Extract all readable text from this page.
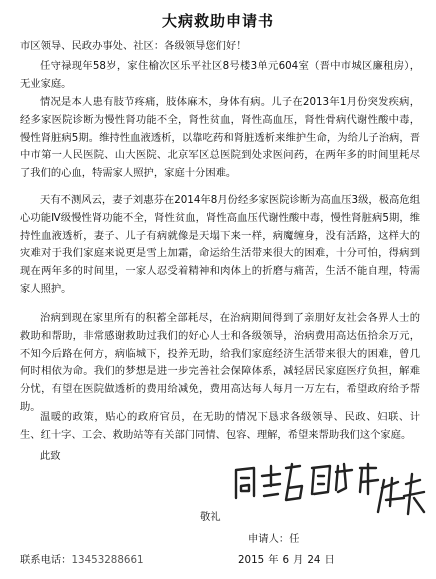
大病救助申请书
市区领导、民政办事处、社区：各级领导您们好！
任守禄现年58岁，家住榆次区乐平社区8号楼3单元604室（晋中市城区廉租房），无业家庭。
情况是本人患有肢节疼痛，肢体麻木，身体有病。儿子在2013年1月份突发疾病，经多家医院诊断为慢性肾功能不全，肾性贫血，肾性高血压，肾性骨病代谢性酸中毒，慢性肾脏病5期。维持性血液透析，以靠吃药和肾脏透析来维护生命，为给儿子治病，晋中市第一人民医院、山大医院、北京军区总医院到处求医问药，在两年多的时间里耗尽了我们的心血，特需家人照护，家庭十分困难。
天有不测风云，妻子刘惠芬在2014年8月份经多家医院诊断为高血压3级，极高危组心功能Ⅳ级慢性肾功能不全，肾性贫血，肾性高血压代谢性酸中毒，慢性肾脏病5期，维持性血液透析，妻子、儿子有病就像是天塌下来一样，病魔缠身，没有活路，这样大的灾难对于我们家庭来说更是雪上加霜，命运给生活带来很大的困难，十分可怕，得病到现在两年多的时间里，一家人忍受着精神和肉体上的折磨与痛苦，生活不能自理，特需家人照护。
治病到现在家里所有的积蓄全部耗尽，在治病期间得到了亲朋好友社会各界人士的救助和帮助，非常感谢救助过我们的好心人士和各级领导，治病费用高达伍拾余万元，不知今后路在何方，病临城下，投养无助，给我们家庭经济生活带来很大的困难，曾几何时相依为命。我们的梦想是进一步完善社会保障体系，减轻居民家庭医疗负担，解难分忧，有望在医院做透析的费用给减免，费用高达每人每月一万左右，希望政府给予帮助。
温暖的政策，贴心的政府官员，在无助的情况下恳求各级领导、民政、妇联、计生、红十字、工会、救助站等有关部门同情、包容、理解，希望来帮助我们这个家庭。
此致
敬礼
申请人：任
联系电话：13453288661	2015 年 6 月 24 日
